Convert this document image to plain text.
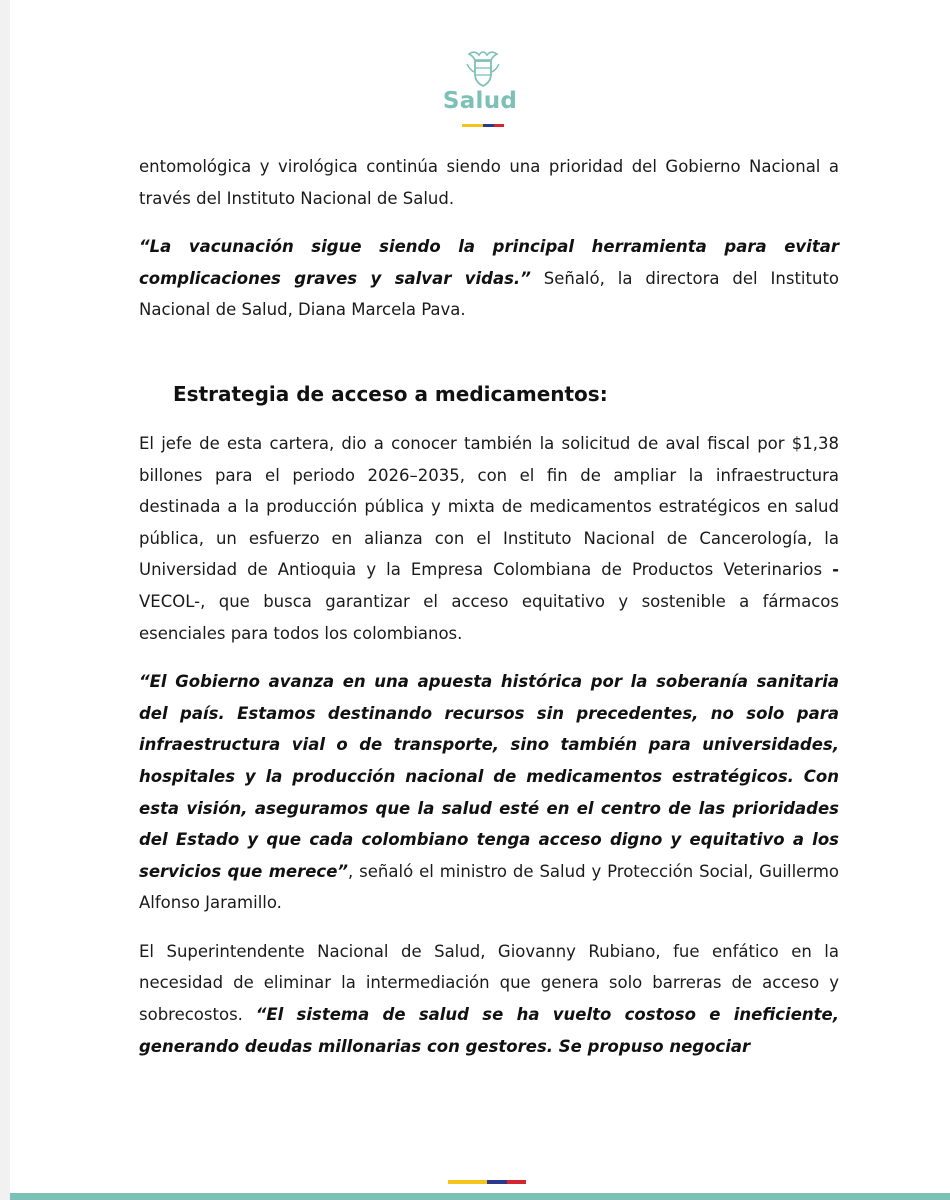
Salud

entomológica y virológica continúa siendo una prioridad del Gobierno Nacional a través del Instituto Nacional de Salud.

“La vacunación sigue siendo la principal herramienta para evitar complicaciones graves y salvar vidas.” Señaló, la directora del Instituto Nacional de Salud, Diana Marcela Pava.

Estrategia de acceso a medicamentos:

El jefe de esta cartera, dio a conocer también la solicitud de aval fiscal por $1,38 billones para el periodo 2026–2035, con el fin de ampliar la infraestructura destinada a la producción pública y mixta de medicamentos estratégicos en salud pública, un esfuerzo en alianza con el Instituto Nacional de Cancerología, la Universidad de Antioquia y la Empresa Colombiana de Productos Veterinarios -VECOL-, que busca garantizar el acceso equitativo y sostenible a fármacos esenciales para todos los colombianos.

“El Gobierno avanza en una apuesta histórica por la soberanía sanitaria del país. Estamos destinando recursos sin precedentes, no solo para infraestructura vial o de transporte, sino también para universidades, hospitales y la producción nacional de medicamentos estratégicos. Con esta visión, aseguramos que la salud esté en el centro de las prioridades del Estado y que cada colombiano tenga acceso digno y equitativo a los servicios que merece”, señaló el ministro de Salud y Protección Social, Guillermo Alfonso Jaramillo.

El Superintendente Nacional de Salud, Giovanny Rubiano, fue enfático en la necesidad de eliminar la intermediación que genera solo barreras de acceso y sobrecostos. “El sistema de salud se ha vuelto costoso e ineficiente, generando deudas millonarias con gestores. Se propuso negociar
